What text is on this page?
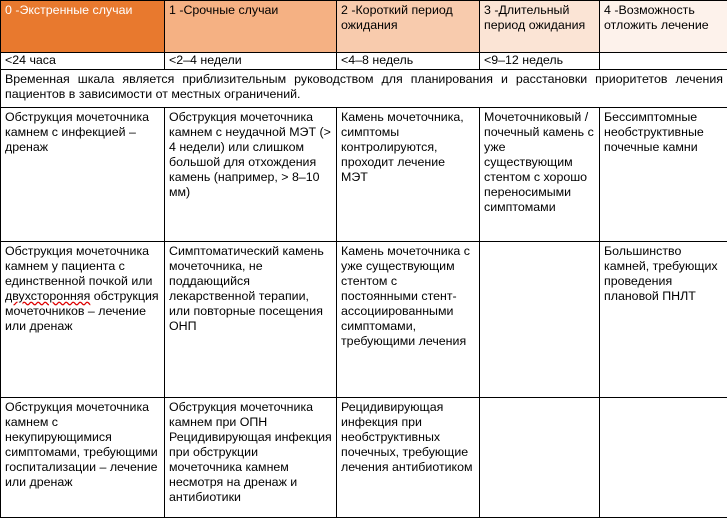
0 -Экстренные случаи	1 -Срочные случаи	2 -Короткий период ожидания	3 -Длительный период ожидания	4 -Возможность отложить лечение
<24 часа	<2–4 недели	<4–8 недель	<9–12 недель	
Временная шкала является приблизительным руководством для планирования и расстановки приоритетов лечения пациентов в зависимости от местных ограничений.				
Обструкция мочеточника камнем с инфекцией – дренаж	Обструкция мочеточника камнем с неудачной МЭТ (> 4 недели) или слишком большой для отхождения камень (например, > 8–10 мм)	Камень мочеточника, симптомы контролируются, проходит лечение МЭТ	Мочеточниковый / почечный камень с уже существующим стентом с хорошо переносимыми симптомами	Бессимптомные необструктивные почечные камни
Обструкция мочеточника камнем у пациента с единственной почкой или двухсторонняя обструкция мочеточников – лечение или дренаж	Симптоматический камень мочеточника, не поддающийся лекарственной терапии, или повторные посещения ОНП	Камень мочеточника с уже существующим стентом с постоянными стент-ассоциированными симптомами, требующими лечения		Большинство камней, требующих проведения плановой ПНЛТ
Обструкция мочеточника камнем с некупирующимися симптомами, требующими госпитализации – лечение или дренаж	Обструкция мочеточника камнем при ОПН Рецидивирующая инфекция при обструкции мочеточника камнем несмотря на дренаж и антибиотики	Рецидивирующая инфекция при необструктивных почечных, требующие лечения антибиотиком		
